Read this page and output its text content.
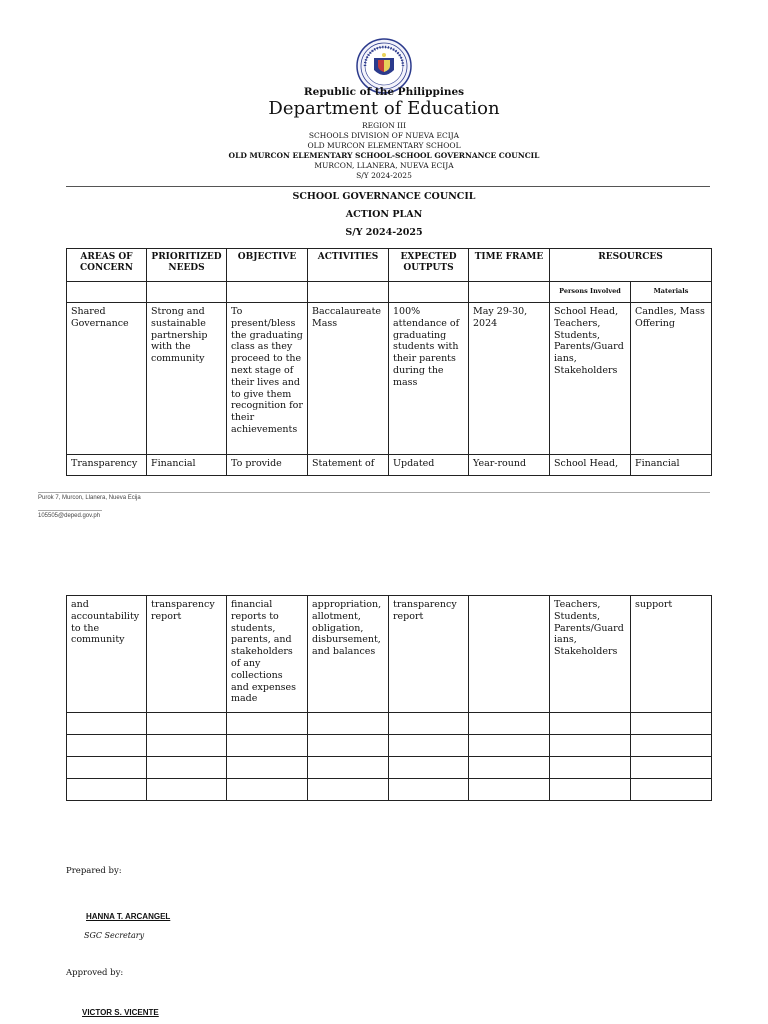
Republic of the Philippines
Department of Education
REGION III
SCHOOLS DIVISION OF NUEVA ECIJA
OLD MURCON ELEMENTARY SCHOOL
OLD MURCON ELEMENTARY SCHOOL-SCHOOL GOVERNANCE COUNCIL
MURCON, LLANERA, NUEVA ECIJA
S/Y 2024-2025
SCHOOL GOVERNANCE COUNCIL
ACTION PLAN
S/Y 2024-2025
AREAS OF CONCERN	PRIORITIZED NEEDS	OBJECTIVE	ACTIVITIES	EXPECTED OUTPUTS	TIME FRAME	RESOURCES	
						Persons Involved	Materials
Shared Governance	Strong and sustainable partnership with the community	To present/bless the graduating class as they proceed to the next stage of their lives and to give them recognition for their achievements	Baccalaureate Mass	100% attendance of graduating students with their parents during the mass	May 29-30, 2024	School Head, Teachers, Students, Parents/Guardians, Stakeholders	Candles, Mass Offering
Transparency	Financial	To provide	Statement of	Updated	Year-round	School Head,	Financial
Purok 7, Murcon, Llanera, Nueva Ecija
105505@deped.gov.ph
and accountability to the community	transparency report	financial reports to students, parents, and stakeholders of any collections and expenses made	appropriation, allotment, obligation, disbursement, and balances	transparency report		Teachers, Students, Parents/Guardians, Stakeholders	support

Prepared by:
HANNA T. ARCANGEL
SGC Secretary
Approved by:
VICTOR S. VICENTE
